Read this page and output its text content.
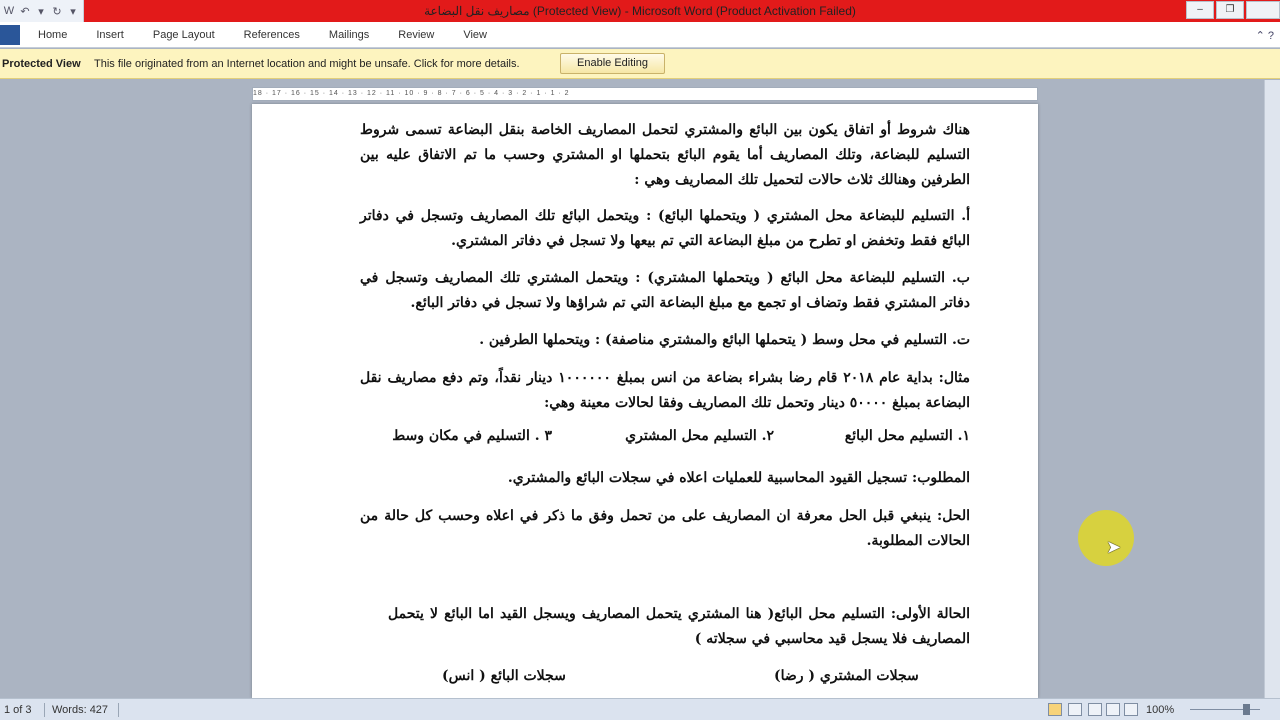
W ↶ ▾ ↻ ▾	مصاريف نقل البضاعة (Protected View) - Microsoft Word (Product Activation Failed)	–	❐
Home	Insert	Page Layout	References	Mailings	Review	View	⌃ ?
Protected View This file originated from an Internet location and might be unsafe. Click for more details.	Enable Editing
18 · 17 · 16 · 15 · 14 · 13 · 12 · 11 · 10 · 9 · 8 · 7 · 6 · 5 · 4 · 3 · 2 · 1 · 1 · 2

هناك شروط أو اتفاق يكون بين البائع والمشتري لتحمل المصاريف الخاصة بنقل البضاعة تسمى شروط التسليم للبضاعة، وتلك المصاريف أما يقوم البائع بتحملها او المشتري وحسب ما تم الاتفاق عليه بين الطرفين وهنالك ثلاث حالات لتحميل تلك المصاريف وهي :

أ. التسليم للبضاعة محل المشتري ( ويتحملها البائع) : ويتحمل البائع تلك المصاريف وتسجل في دفاتر البائع فقط وتخفض او تطرح من مبلغ البضاعة التي تم بيعها ولا تسجل في دفاتر المشتري.

ب. التسليم للبضاعة محل البائع ( ويتحملها المشتري) : ويتحمل المشتري تلك المصاريف وتسجل في دفاتر المشتري فقط وتضاف او تجمع مع مبلغ البضاعة التي تم شراؤها ولا تسجل في دفاتر البائع.

ت. التسليم في محل وسط ( يتحملها البائع والمشتري مناصفة) : ويتحملها الطرفين .

مثال: بداية عام ٢٠١٨ قام رضا بشراء بضاعة من انس بمبلغ ١٠٠٠٠٠٠ دينار نقداً، وتم دفع مصاريف نقل البضاعة بمبلغ ٥٠٠٠٠ دينار وتحمل تلك المصاريف وفقا لحالات معينة وهي:

١. التسليم محل البائع
٢. التسليم محل المشتري
٣ . التسليم في مكان وسط

المطلوب: تسجيل القيود المحاسبية للعمليات اعلاه في سجلات البائع والمشتري.

الحل: ينبغي قبل الحل معرفة ان المصاريف على من تحمل وفق ما ذكر في اعلاه وحسب كل حالة من الحالات المطلوبة.

الحالة الأولى: التسليم محل البائع( هنا المشتري يتحمل المصاريف ويسجل القيد اما البائع لا يتحمل المصاريف فلا يسجل قيد محاسبي في سجلاته )

سجلات المشتري ( رضا)
سجلات البائع ( انس)
1 of 3 Words: 427	100%
➤
